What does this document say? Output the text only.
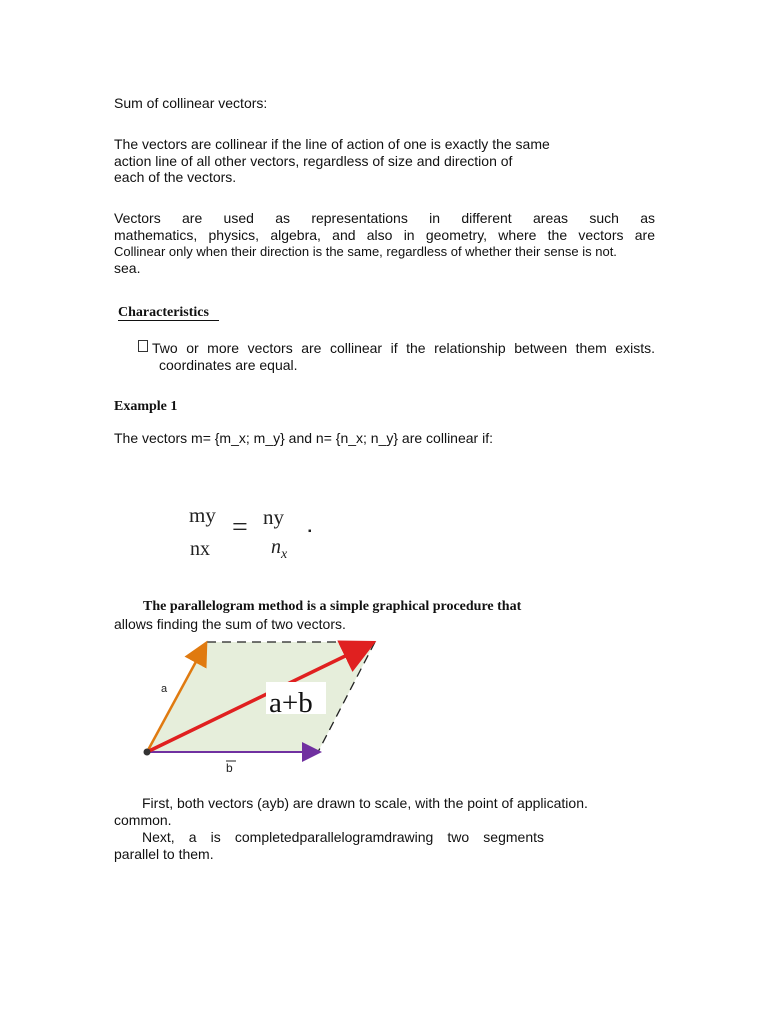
Sum of collinear vectors:
The vectors are collinear if the line of action of one is exactly the same
action line of all other vectors, regardless of size and direction of
each of the vectors.
Vectors are used as representations in different areas such as
mathematics, physics, algebra, and also in geometry, where the vectors are
Collinear only when their direction is the same, regardless of whether their sense is not.
sea.
Characteristics
Two or more vectors are collinear if the relationship between them exists.
coordinates are equal.
Example 1
The vectors m= {m_x; m_y} and n= {n_x; n_y} are collinear if:
my
nx
= ny
$n_x$
▪
The parallelogram method is a simple graphical procedure that
allows finding the sum of two vectors.
a+b
a
b
First, both vectors (ayb) are drawn to scale, with the point of application.
common.
Next, a is completedparallelogramdrawing two segments
parallel to them.
